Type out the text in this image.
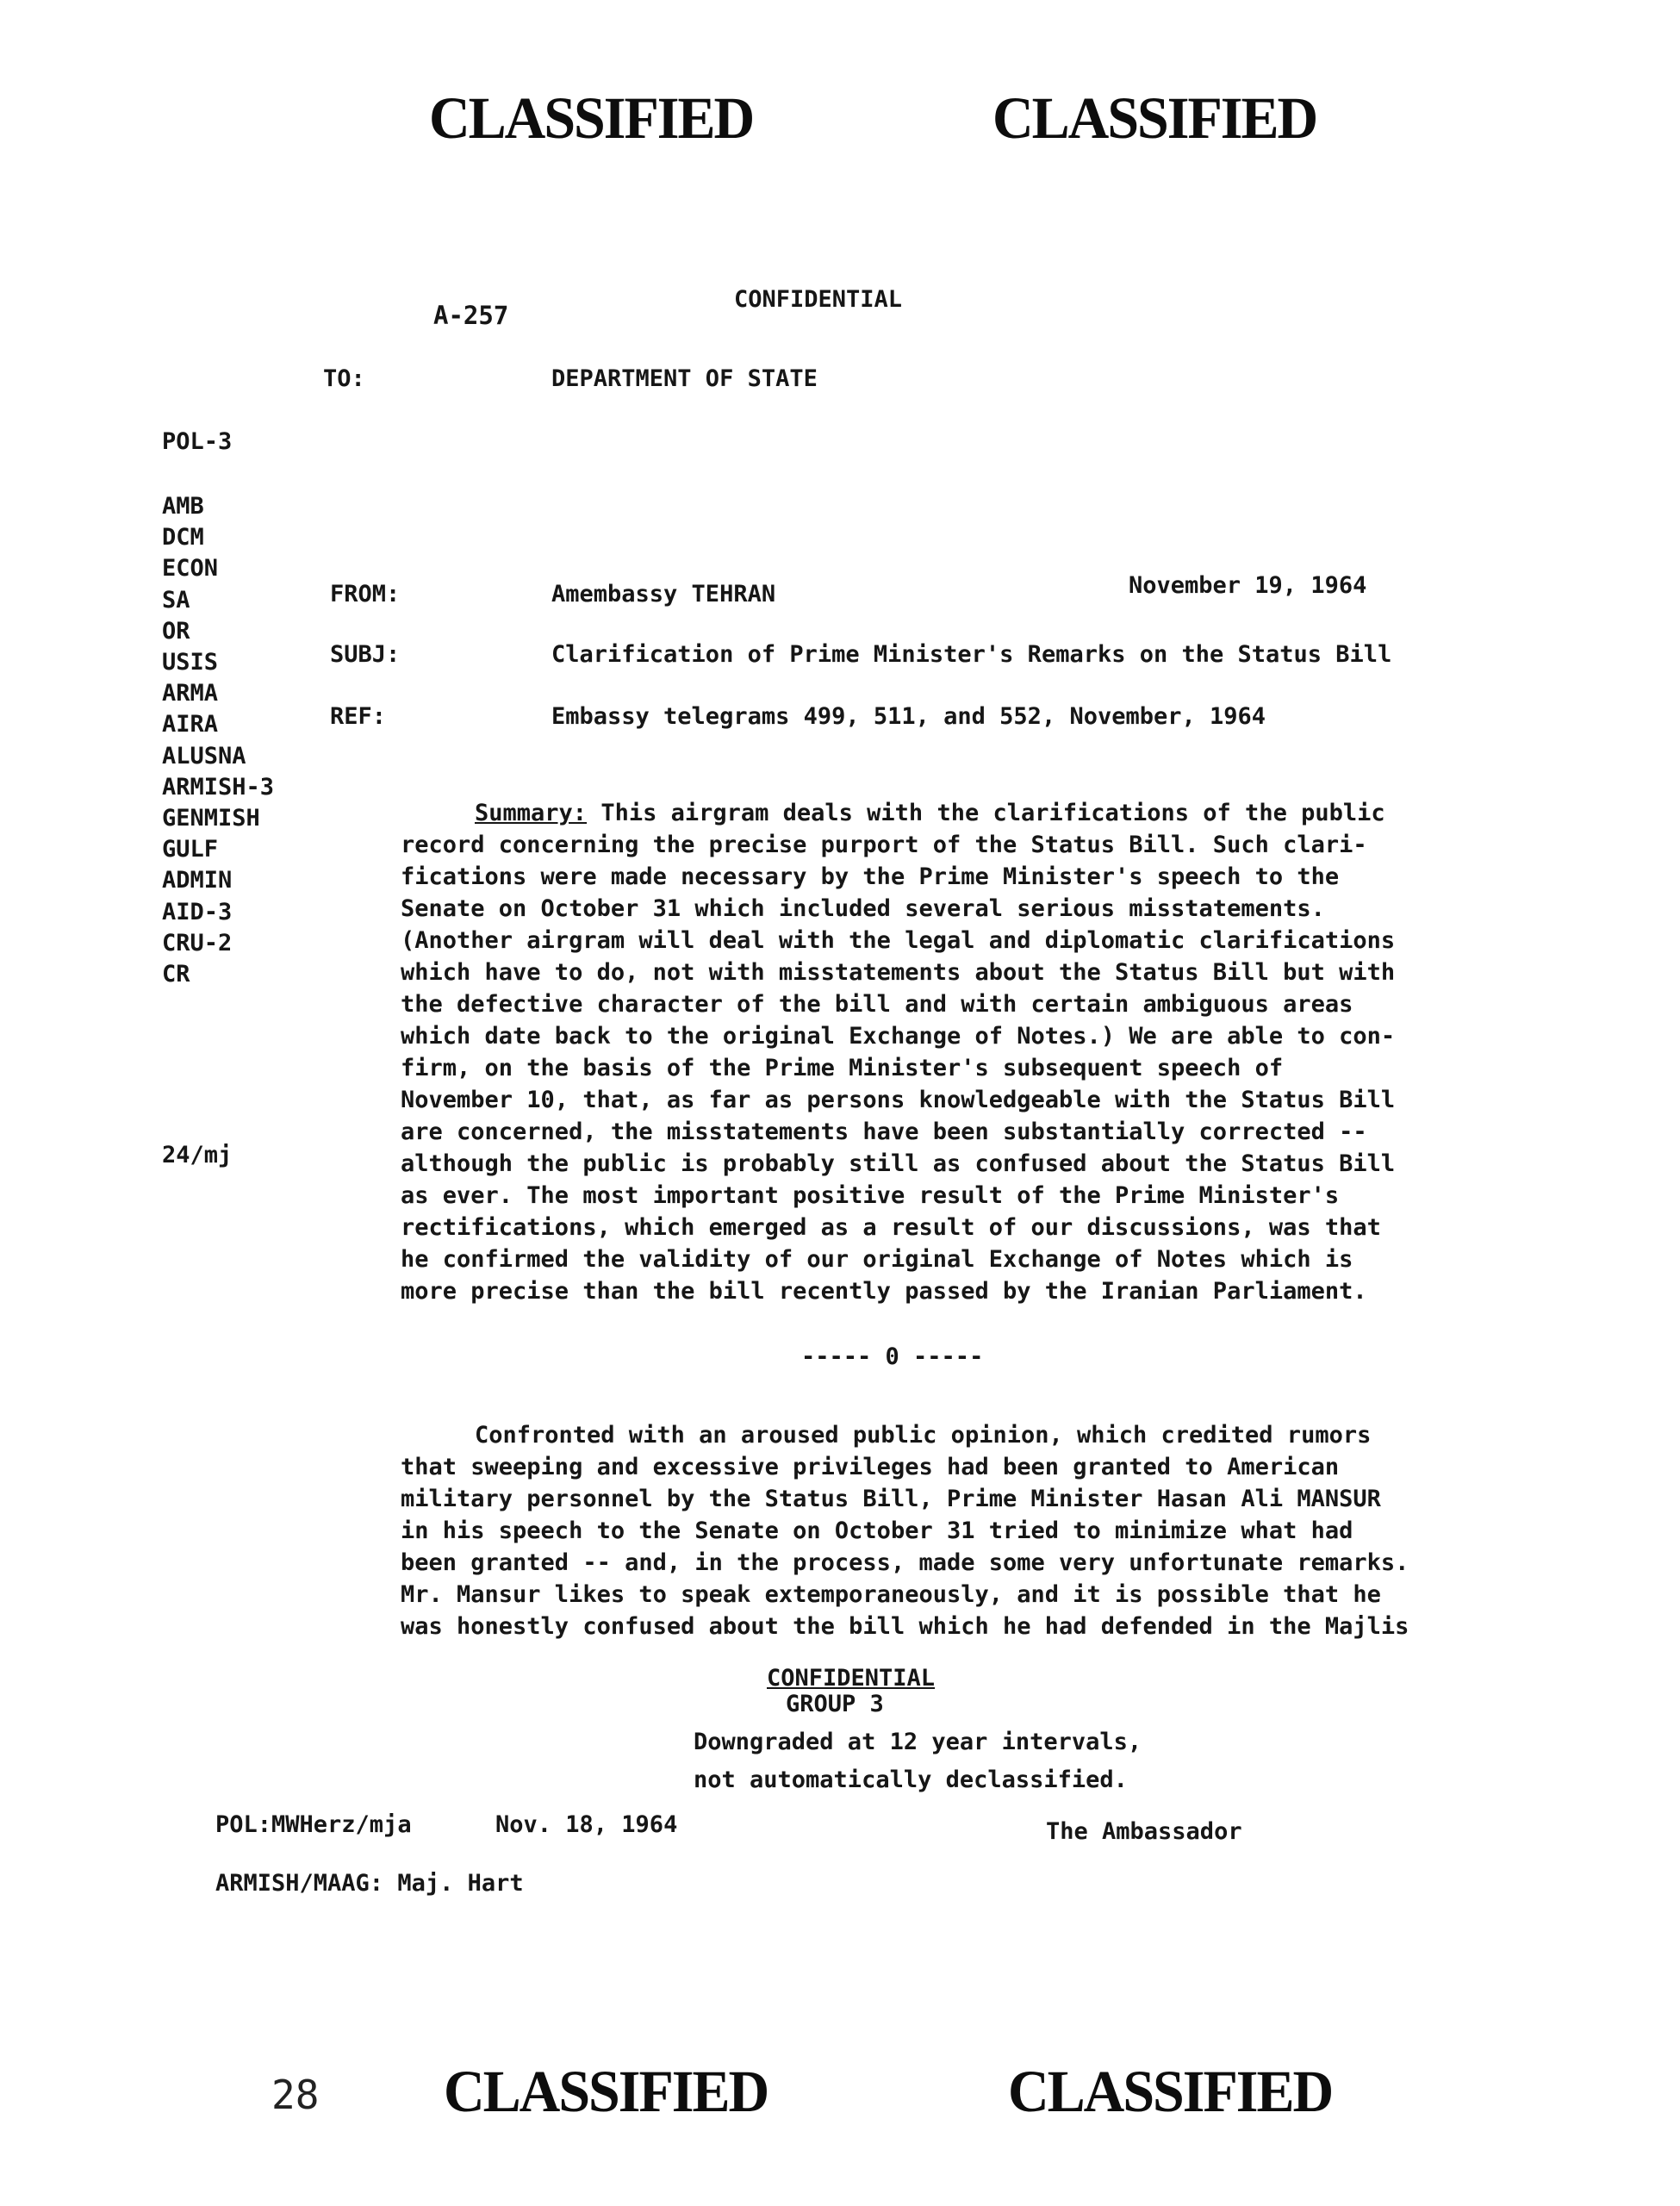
CLASSIFIED	CLASSIFIED
A-257
CONFIDENTIAL
TO:	DEPARTMENT OF STATE
POL-3
AMB
DCM
ECON
SA
OR
USIS
ARMA
AIRA
ALUSNA
ARMISH-3
GENMISH
GULF
ADMIN
AID-3
CRU-2
CR
24/mj
FROM:	Amembassy TEHRAN	November 19, 1964
SUBJ:	Clarification of Prime Minister's Remarks on the Status Bill
REF:	Embassy telegrams 499, 511, and 552, November, 1964
Summary: This airgram deals with the clarifications of the public
record concerning the precise purport of the Status Bill. Such clari-
fications were made necessary by the Prime Minister's speech to the
Senate on October 31 which included several serious misstatements.
(Another airgram will deal with the legal and diplomatic clarifications
which have to do, not with misstatements about the Status Bill but with
the defective character of the bill and with certain ambiguous areas
which date back to the original Exchange of Notes.) We are able to con-
firm, on the basis of the Prime Minister's subsequent speech of
November 10, that, as far as persons knowledgeable with the Status Bill
are concerned, the misstatements have been substantially corrected --
although the public is probably still as confused about the Status Bill
as ever. The most important positive result of the Prime Minister's
rectifications, which emerged as a result of our discussions, was that
he confirmed the validity of our original Exchange of Notes which is
more precise than the bill recently passed by the Iranian Parliament.
----- 0 -----
Confronted with an aroused public opinion, which credited rumors
that sweeping and excessive privileges had been granted to American
military personnel by the Status Bill, Prime Minister Hasan Ali MANSUR
in his speech to the Senate on October 31 tried to minimize what had
been granted -- and, in the process, made some very unfortunate remarks.
Mr. Mansur likes to speak extemporaneously, and it is possible that he
was honestly confused about the bill which he had defended in the Majlis
CONFIDENTIAL
GROUP 3
Downgraded at 12 year intervals,
not automatically declassified.
POL:MWHerz/mja	Nov. 18, 1964	The Ambassador
ARMISH/MAAG: Maj. Hart
28 CLASSIFIED	CLASSIFIED
